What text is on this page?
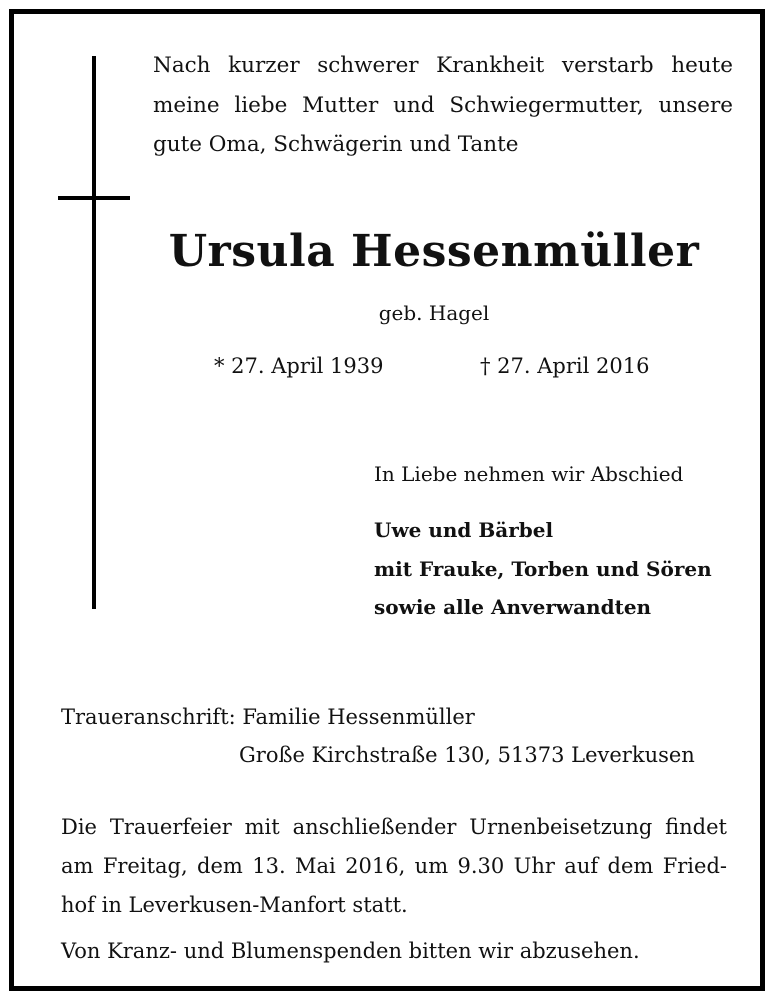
Nach kurzer schwerer Krankheit verstarb heute
meine liebe Mutter und Schwiegermutter, unsere
gute Oma, Schwägerin und Tante
Ursula Hessenmüller
geb. Hagel
* 27. April 1939	† 27. April 2016
In Liebe nehmen wir Abschied
Uwe und Bärbel
mit Frauke, Torben und Sören
sowie alle Anverwandten
Traueranschrift: Familie Hessenmüller
Große Kirchstraße 130, 51373 Leverkusen
Die Trauerfeier mit anschließender Urnenbeisetzung findet
am Freitag, dem 13. Mai 2016, um 9.30 Uhr auf dem Fried-
hof in Leverkusen-Manfort statt.
Von Kranz- und Blumenspenden bitten wir abzusehen.
